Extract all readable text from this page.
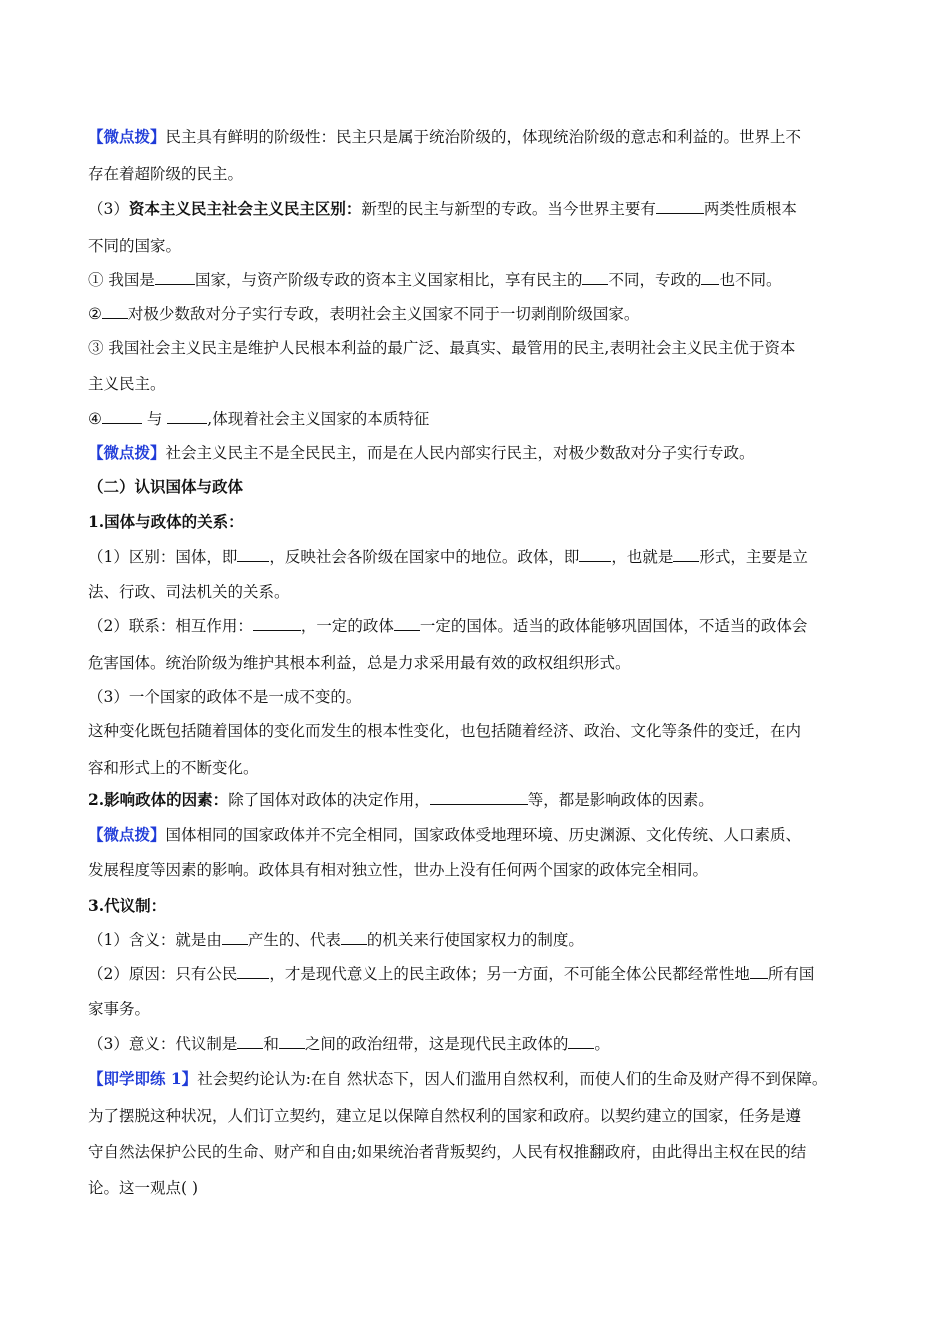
【微点拨】民主具有鲜明的阶级性：民主只是属于统治阶级的，体现统治阶级的意志和利益的。世界上不
存在着超阶级的民主。
（3）资本主义民主社会主义民主区别：新型的民主与新型的专政。当今世界主要有	两类性质根本
不同的国家。
① 我国是	国家，与资产阶级专政的资本主义国家相比，享有民主的 不同，专政的 也不同。
② 对极少数敌对分子实行专政，表明社会主义国家不同于一切剥削阶级国家。
③ 我国社会主义民主是维护人民根本利益的最广泛、最真实、最管用的民主,表明社会主义民主优于资本
主义民主。
④	与	,体现着社会主义国家的本质特征
【微点拨】社会主义民主不是全民民主，而是在人民内部实行民主，对极少数敌对分子实行专政。
（二）认识国体与政体
1.国体与政体的关系：
（1）区别：国体，即 ，反映社会各阶级在国家中的地位。政体，即 ，也就是 形式，主要是立
法、行政、司法机关的关系。
（2）联系：相互作用：	，一定的政体 一定的国体。适当的政体能够巩固国体，不适当的政体会
危害国体。统治阶级为维护其根本利益，总是力求采用最有效的政权组织形式。
（3）一个国家的政体不是一成不变的。
这种变化既包括随着国体的变化而发生的根本性变化，也包括随着经济、政治、文化等条件的变迁，在内
容和形式上的不断变化。
2.影响政体的因素：除了国体对政体的决定作用，	等，都是影响政体的因素。
【微点拨】国体相同的国家政体并不完全相同，国家政体受地理环境、历史渊源、文化传统、人口素质、
发展程度等因素的影响。政体具有相对独立性，世办上没有任何两个国家的政体完全相同。
3.代议制：
（1）含义：就是由 产生的、代表 的机关来行使国家权力的制度。
（2）原因：只有公民 ，才是现代意义上的民主政体；另一方面，不可能全体公民都经常性地 所有国
家事务。
（3）意义：代议制是 和 之间的政治纽带，这是现代民主政体的 。
【即学即练 1】社会契约论认为:在自 然状态下，因人们滥用自然权利，而使人们的生命及财产得不到保障。
为了摆脱这种状况，人们订立契约，建立足以保障自然权利的国家和政府。以契约建立的国家，任务是遵
守自然法保护公民的生命、财产和自由;如果统治者背叛契约，人民有权推翻政府，由此得出主权在民的结
论。这一观点( )
